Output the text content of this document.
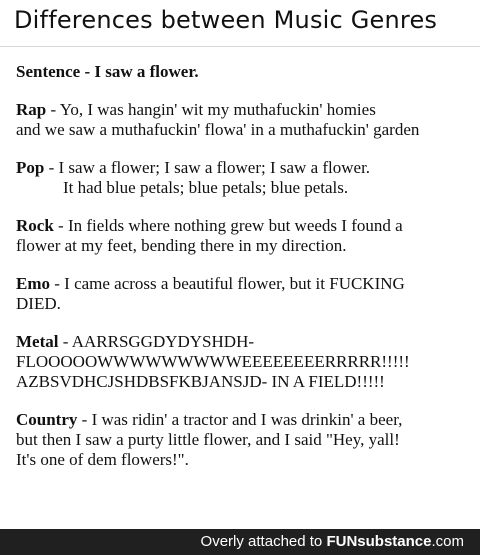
Differences between Music Genres
Sentence - I saw a flower.
Rap - Yo, I was hangin' wit my muthafuckin' homies
and we saw a muthafuckin' flowa' in a muthafuckin' garden
Pop - I saw a flower; I saw a flower; I saw a flower.
It had blue petals; blue petals; blue petals.
Rock - In fields where nothing grew but weeds I found a
flower at my feet, bending there in my direction.
Emo - I came across a beautiful flower, but it FUCKING
DIED.
Metal - AARRSGGDYDYSHDH-
FLOOOOOWWWWWWWWWEEEEEEEERRRRR!!!!!
AZBSVDHCJSHDBSFKBJANSJD- IN A FIELD!!!!!
Country - I was ridin' a tractor and I was drinkin' a beer,
but then I saw a purty little flower, and I said "Hey, yall!
It's one of dem flowers!".
Overly attached to FUNsubstance.com
